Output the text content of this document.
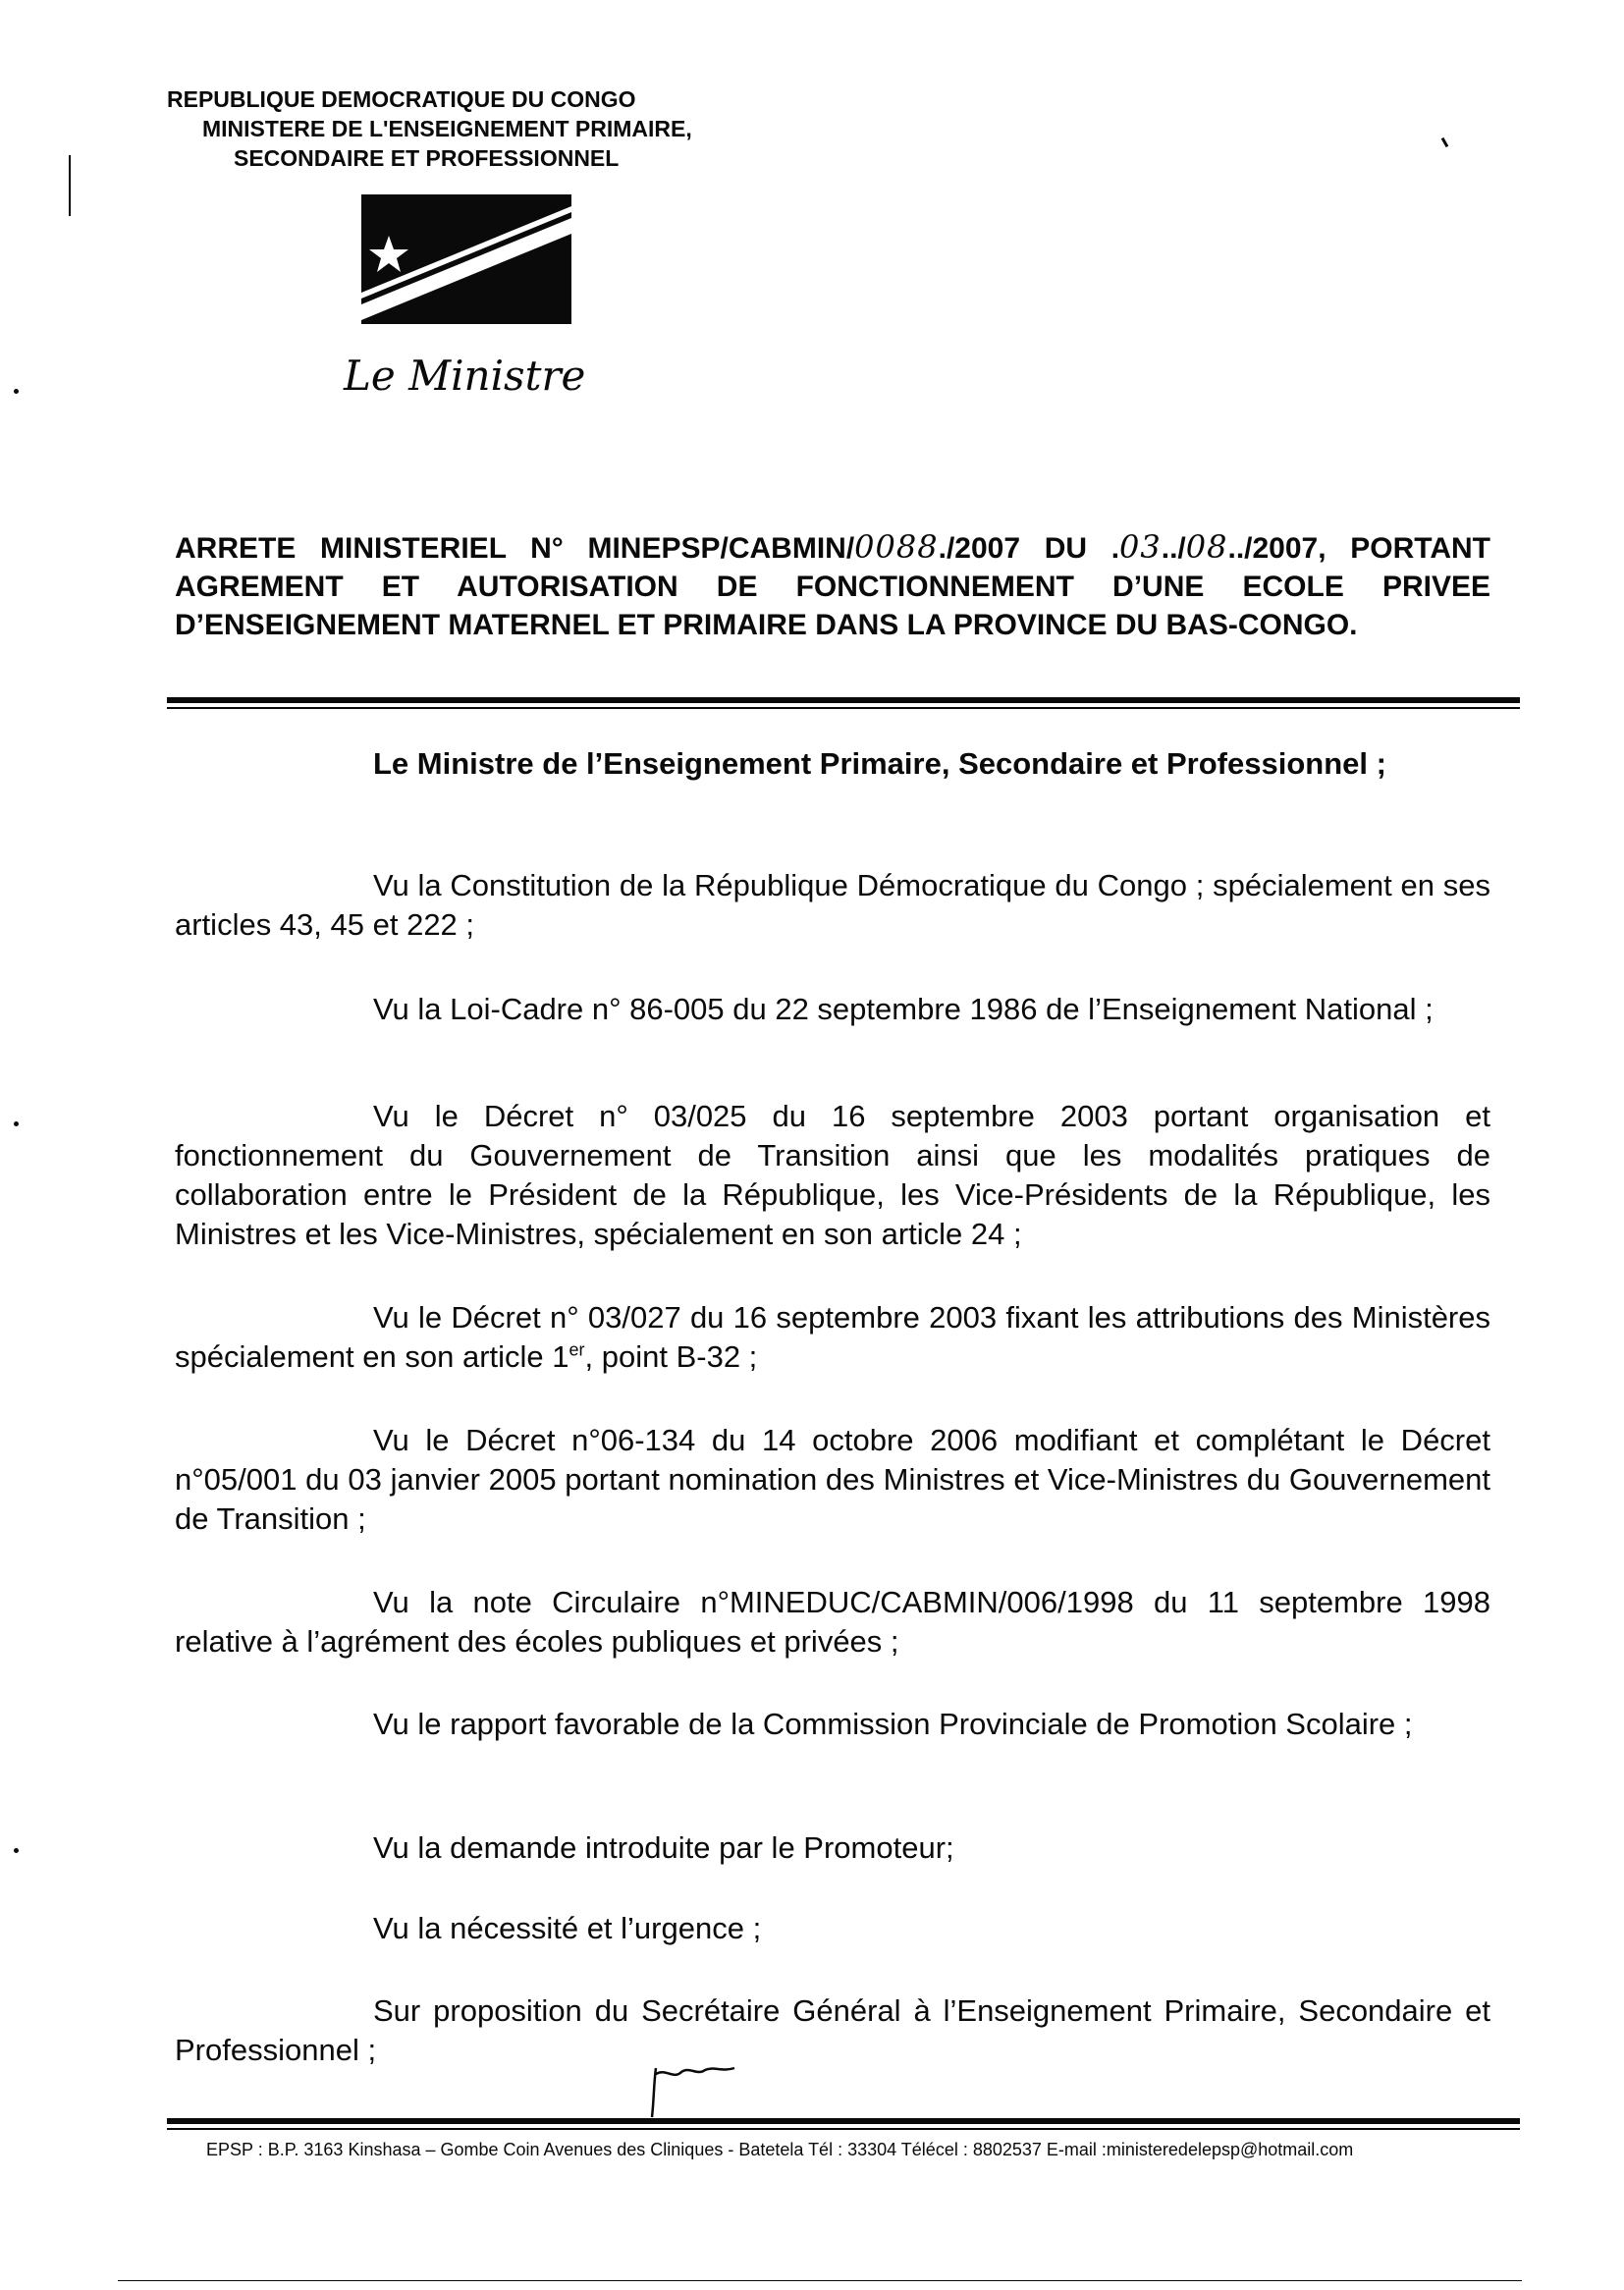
REPUBLIQUE DEMOCRATIQUE DU CONGO
MINISTERE DE L'ENSEIGNEMENT PRIMAIRE,
SECONDAIRE ET PROFESSIONNEL
Le Ministre
ARRETE MINISTERIEL N° MINEPSP/CABMIN/0088./2007 DU .03../08../2007, PORTANT AGREMENT ET AUTORISATION DE FONCTIONNEMENT D’UNE ECOLE PRIVEE D’ENSEIGNEMENT MATERNEL ET PRIMAIRE DANS LA PROVINCE DU BAS-CONGO.
Le Ministre de l’Enseignement Primaire, Secondaire et Professionnel ;
Vu la Constitution de la République Démocratique du Congo ; spécialement en ses articles 43, 45 et 222 ;
Vu la Loi-Cadre n° 86-005 du 22 septembre 1986 de l’Enseignement National ;
Vu le Décret n° 03/025 du 16 septembre 2003 portant organisation et fonctionnement du Gouvernement de Transition ainsi que les modalités pratiques de collaboration entre le Président de la République, les Vice-Présidents de la République, les Ministres et les Vice-Ministres, spécialement en son article 24 ;
Vu le Décret n° 03/027 du 16 septembre 2003 fixant les attributions des Ministères spécialement en son article 1er, point B-32 ;
Vu le Décret n°06-134 du 14 octobre 2006 modifiant et complétant le Décret n°05/001 du 03 janvier 2005 portant nomination des Ministres et Vice-Ministres du Gouvernement de Transition ;
Vu la note Circulaire n°MINEDUC/CABMIN/006/1998 du 11 septembre 1998 relative à l’agrément des écoles publiques et privées ;
Vu le rapport favorable de la Commission Provinciale de Promotion Scolaire ;
Vu la demande introduite par le Promoteur;
Vu la nécessité et l’urgence ;
Sur proposition du Secrétaire Général à l’Enseignement Primaire, Secondaire et Professionnel ;
EPSP : B.P. 3163 Kinshasa – Gombe Coin Avenues des Cliniques - Batetela Tél : 33304 Télécel : 8802537 E-mail :ministeredelepsp@hotmail.com
